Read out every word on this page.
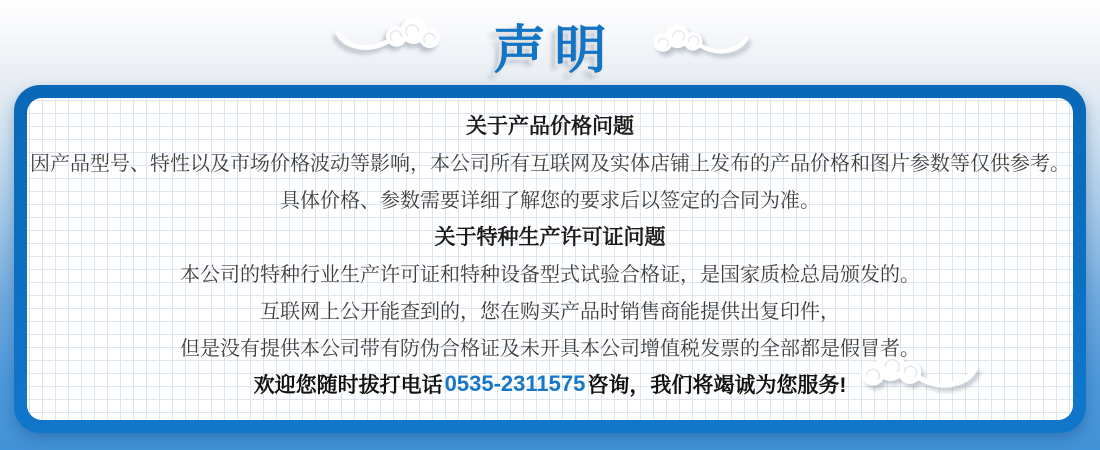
声明
关于产品价格问题
因产品型号、特性以及市场价格波动等影响，本公司所有互联网及实体店铺上发布的产品价格和图片参数等仅供参考。
具体价格、参数需要详细了解您的要求后以签定的合同为准。
关于特种生产许可证问题
本公司的特种行业生产许可证和特种设备型式试验合格证，是国家质检总局颁发的。
互联网上公开能查到的，您在购买产品时销售商能提供出复印件，
但是没有提供本公司带有防伪合格证及未开具本公司增值税发票的全部都是假冒者。
欢迎您随时拔打电话 0535-2311575 咨询，我们将竭诚为您服务!
